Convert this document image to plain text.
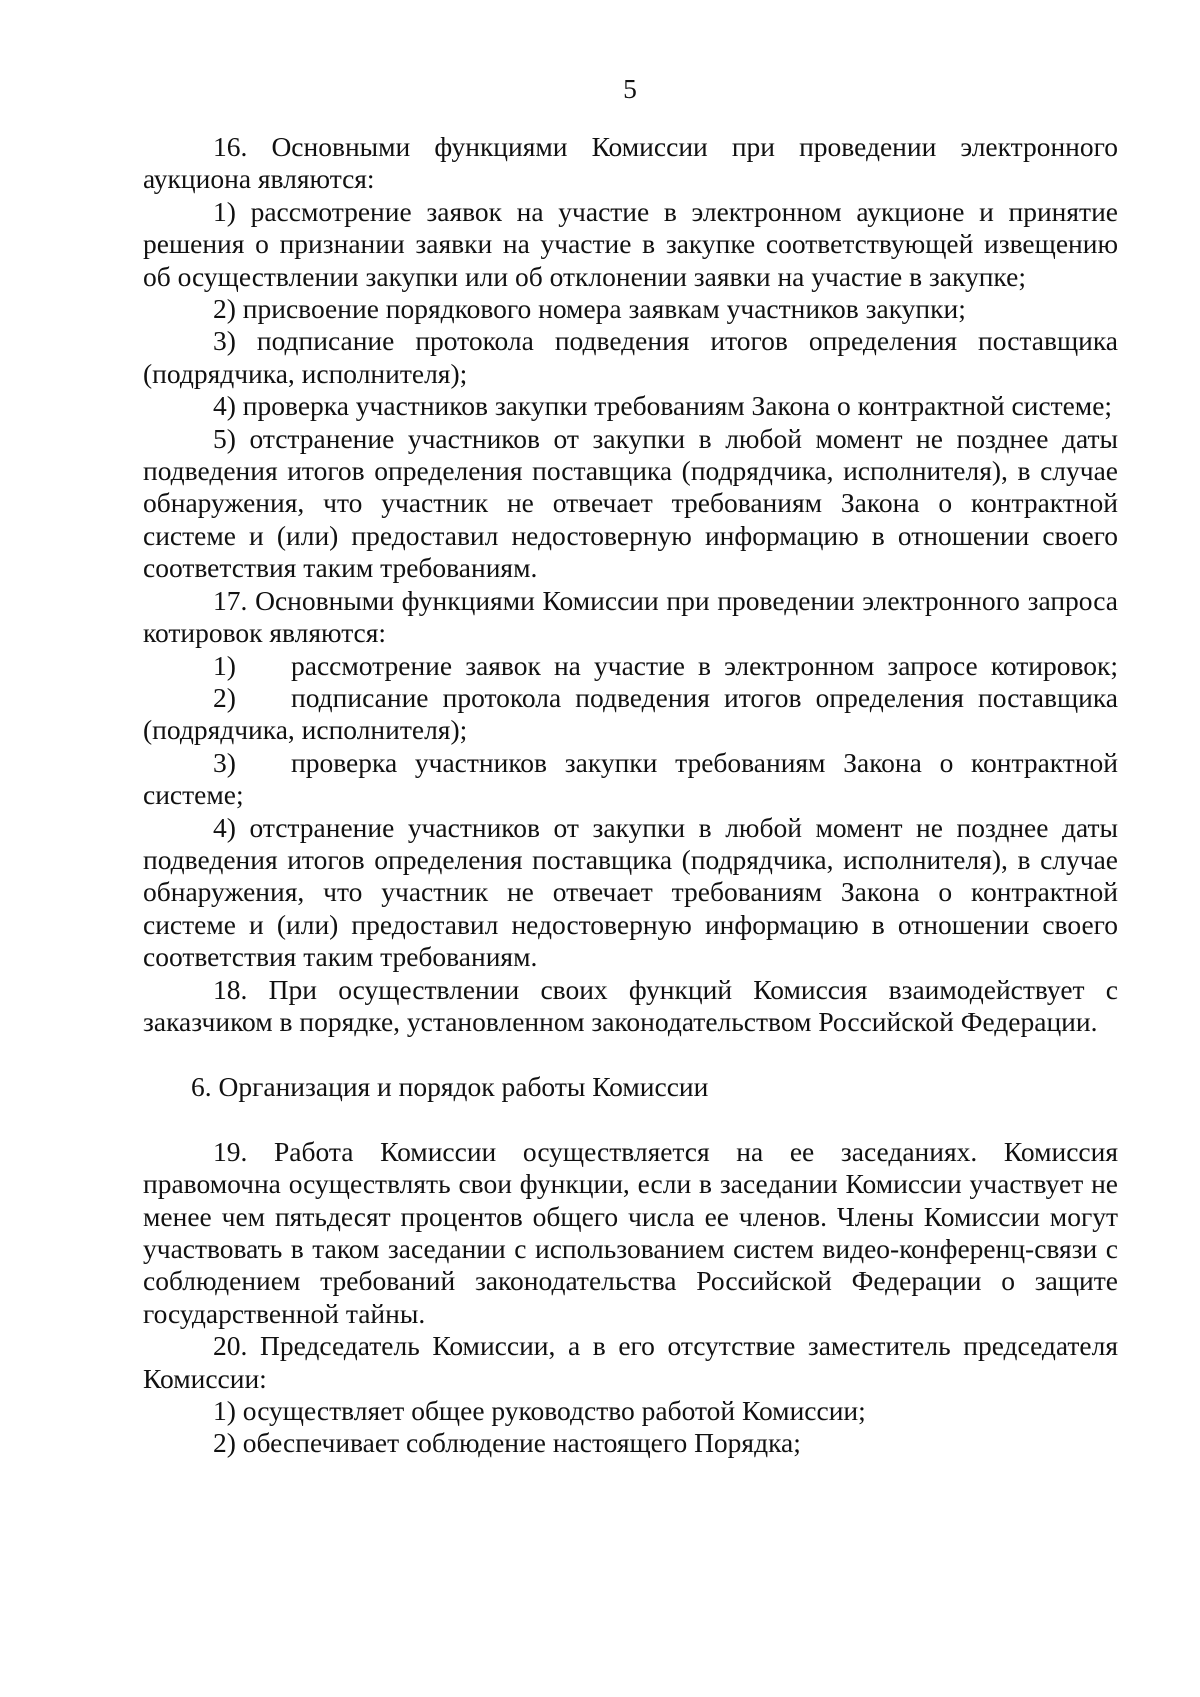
5

16. Основными функциями Комиссии при проведении электронного аукциона являются:

1) рассмотрение заявок на участие в электронном аукционе и принятие решения о признании заявки на участие в закупке соответствующей извещению об осуществлении закупки или об отклонении заявки на участие в закупке;

2) присвоение порядкового номера заявкам участников закупки;

3) подписание протокола подведения итогов определения поставщика (подрядчика, исполнителя);

4) проверка участников закупки требованиям Закона о контрактной системе;

5) отстранение участников от закупки в любой момент не позднее даты подведения итогов определения поставщика (подрядчика, исполнителя), в случае обнаружения, что участник не отвечает требованиям Закона о контрактной системе и (или) предоставил недостоверную информацию в отношении своего соответствия таким требованиям.

17. Основными функциями Комиссии при проведении электронного запроса котировок являются:

1)	рассмотрение заявок на участие в электронном запросе котировок;

2) подписание протокола подведения итогов определения поставщика (подрядчика, исполнителя);

3) проверка участников закупки требованиям Закона о контрактной системе;

4) отстранение участников от закупки в любой момент не позднее даты подведения итогов определения поставщика (подрядчика, исполнителя), в случае обнаружения, что участник не отвечает требованиям Закона о контрактной системе и (или) предоставил недостоверную информацию в отношении своего соответствия таким требованиям.

18. При осуществлении своих функций Комиссия взаимодействует с заказчиком в порядке, установленном законодательством Российской Федерации.

6. Организация и порядок работы Комиссии

19. Работа Комиссии осуществляется на ее заседаниях. Комиссия правомочна осуществлять свои функции, если в заседании Комиссии участвует не менее чем пятьдесят процентов общего числа ее членов. Члены Комиссии могут участвовать в таком заседании с использованием систем видео-конференц-связи с соблюдением требований законодательства Российской Федерации о защите государственной тайны.

20. Председатель Комиссии, а в его отсутствие заместитель председателя Комиссии:

1) осуществляет общее руководство работой Комиссии;

2) обеспечивает соблюдение настоящего Порядка;
